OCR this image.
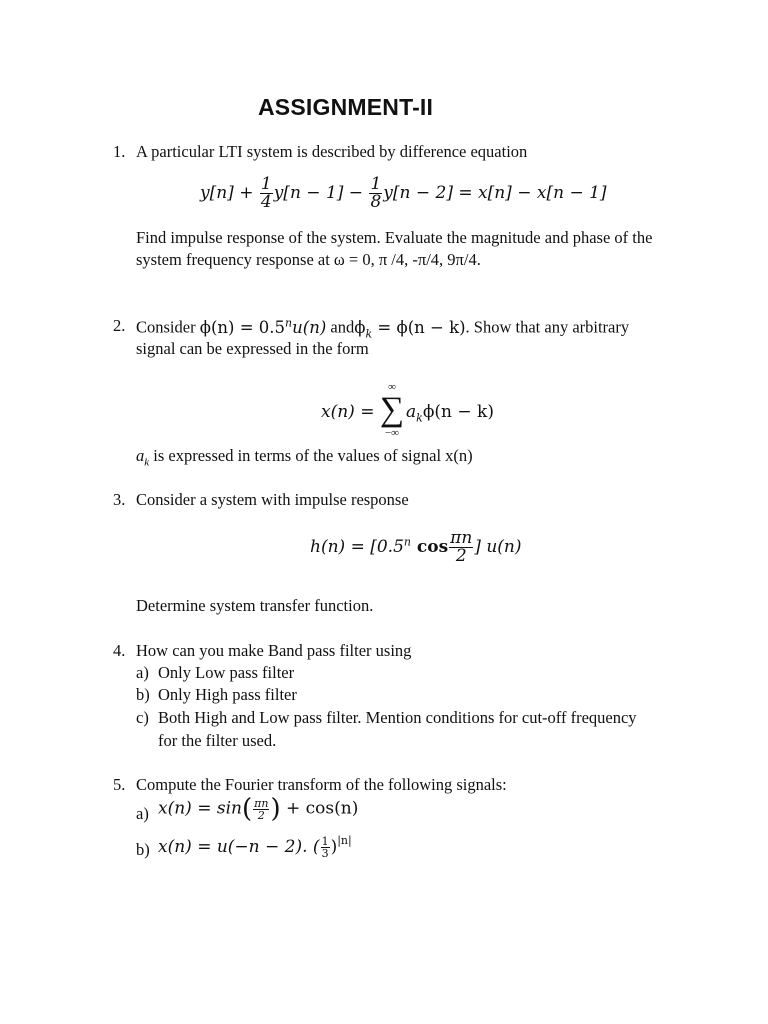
ASSIGNMENT-II
1. A particular LTI system is described by difference equation
$y[n] + \frac{1}{4} y[n - 1] - \frac{1}{8} y[n - 2] = x[n] - x[n - 1]$
Find impulse response of the system. Evaluate the magnitude and phase of the
system frequency response at ω = 0, π /4, -π/4, 9π/4.
2. Consider $\phi(n) = 0.5^nu(n) and\phi_k = \phi(n - k)$. Show that any arbitrary
signal can be expressed in the form
x(n) =
∞
∑
−∞
$a_k\phi(n - k)$
$a_k$ is expressed in terms of the values of signal x(n)
3. Consider a system with impulse response
$h(n) = [0.5^n$ $\cos \frac{\pi n}{2}$ ] u(n)
Determine system transfer function.
4. How can you make Band pass filter using
a) Only Low pass filter
b) Only High pass filter
c) Both High and Low pass filter. Mention conditions for cut-off frequency
for the filter used.
5. Compute the Fourier transform of the following signals:
a) $x(n) = \sin( \frac{\pi n}{2}$ ) + cos(n)
b) x(n) = u(−n − 2). ( $\frac{1}{3} )^{|n|}$
